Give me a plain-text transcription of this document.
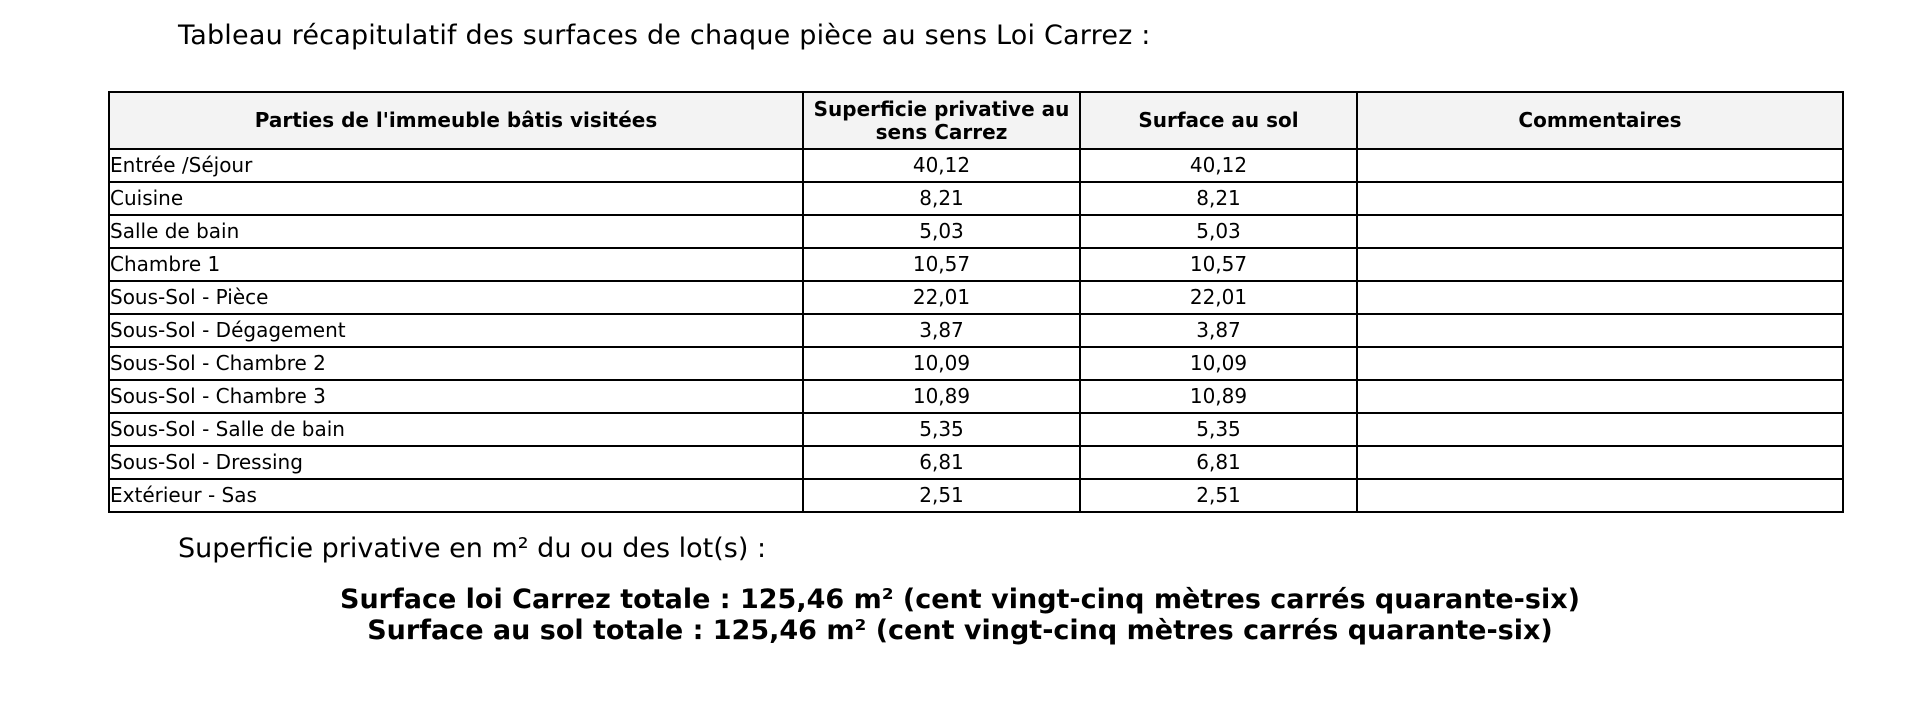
Tableau récapitulatif des surfaces de chaque pièce au sens Loi Carrez :
Parties de l'immeuble bâtis visitées	Superficie privative au sens Carrez	Surface au sol	Commentaires
Entrée /Séjour	40,12	40,12	
Cuisine	8,21	8,21	
Salle de bain	5,03	5,03	
Chambre 1	10,57	10,57	
Sous-Sol - Pièce	22,01	22,01	
Sous-Sol - Dégagement	3,87	3,87	
Sous-Sol - Chambre 2	10,09	10,09	
Sous-Sol - Chambre 3	10,89	10,89	
Sous-Sol - Salle de bain	5,35	5,35	
Sous-Sol - Dressing	6,81	6,81	
Extérieur - Sas	2,51	2,51	
Superficie privative en m² du ou des lot(s) :
Surface loi Carrez totale : 125,46 m² (cent vingt-cinq mètres carrés quarante-six)
Surface au sol totale : 125,46 m² (cent vingt-cinq mètres carrés quarante-six)
